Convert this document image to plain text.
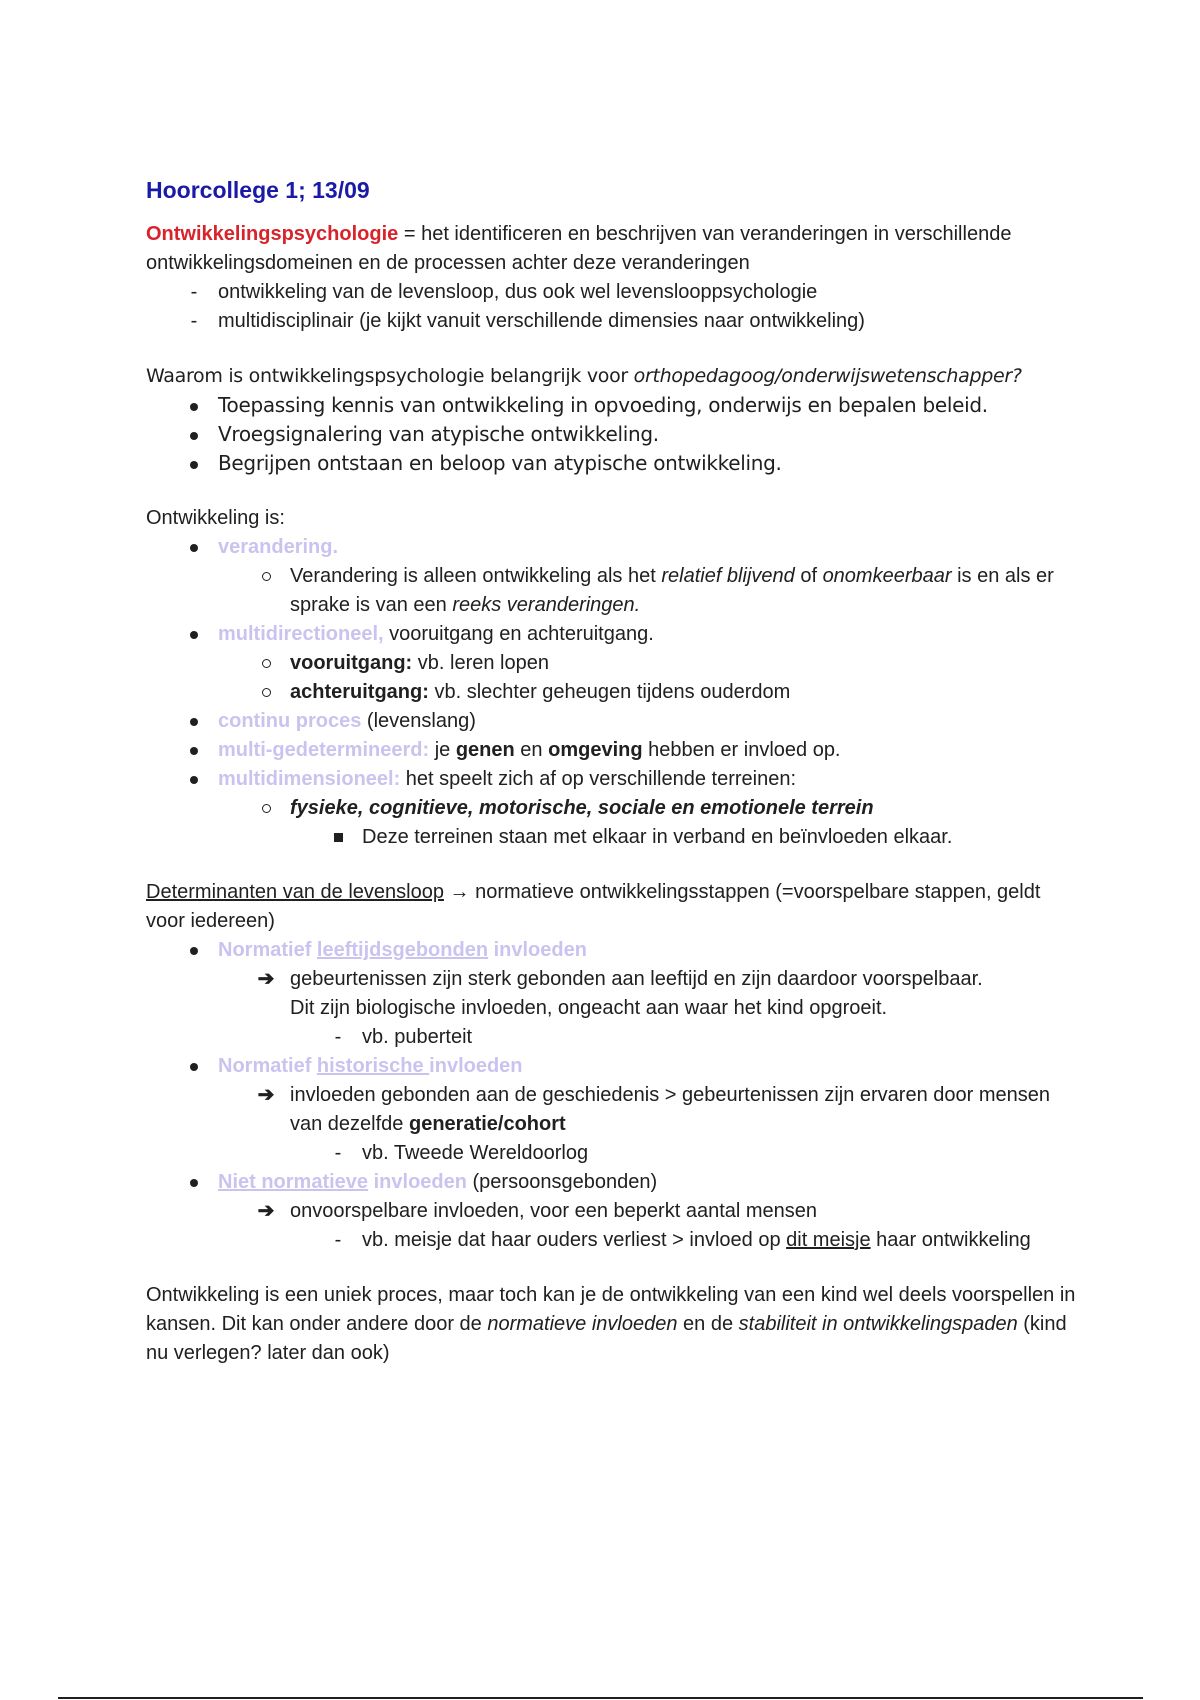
Hoorcollege 1; 13/09

Ontwikkelingspsychologie = het identificeren en beschrijven van veranderingen in verschillende ontwikkelingsdomeinen en de processen achter deze veranderingen

-	ontwikkeling van de levensloop, dus ook wel levenslooppsychologie
-	multidisciplinair (je kijkt vanuit verschillende dimensies naar ontwikkeling)

Waarom is ontwikkelingspsychologie belangrijk voor orthopedagoog/onderwijswetenschapper?

Toepassing kennis van ontwikkeling in opvoeding, onderwijs en bepalen beleid.
Vroegsignalering van atypische ontwikkeling.
Begrijpen ontstaan en beloop van atypische ontwikkeling.

Ontwikkeling is:

verandering.
Verandering is alleen ontwikkeling als het relatief blijvend of onomkeerbaar is en als er sprake is van een reeks veranderingen.
multidirectioneel, vooruitgang en achteruitgang.
vooruitgang: vb. leren lopen
achteruitgang: vb. slechter geheugen tijdens ouderdom
continu proces (levenslang)
multi-gedetermineerd: je genen en omgeving hebben er invloed op.
multidimensioneel: het speelt zich af op verschillende terreinen:
fysieke, cognitieve, motorische, sociale en emotionele terrein
Deze terreinen staan met elkaar in verband en beïnvloeden elkaar.

Determinanten van de levensloop → normatieve ontwikkelingsstappen (=voorspelbare stappen, geldt voor iedereen)

Normatief leeftijdsgebonden invloeden
➔ gebeurtenissen zijn sterk gebonden aan leeftijd en zijn daardoor voorspelbaar.
Dit zijn biologische invloeden, ongeacht aan waar het kind opgroeit.
-	vb. puberteit
Normatief historische invloeden
➔ invloeden gebonden aan de geschiedenis > gebeurtenissen zijn ervaren door mensen van dezelfde generatie/cohort
-	vb. Tweede Wereldoorlog
Niet normatieve invloeden (persoonsgebonden)
➔ onvoorspelbare invloeden, voor een beperkt aantal mensen
-	vb. meisje dat haar ouders verliest > invloed op dit meisje haar ontwikkeling

Ontwikkeling is een uniek proces, maar toch kan je de ontwikkeling van een kind wel deels voorspellen in kansen. Dit kan onder andere door de normatieve invloeden en de stabiliteit in ontwikkelingspaden (kind nu verlegen? later dan ook)
